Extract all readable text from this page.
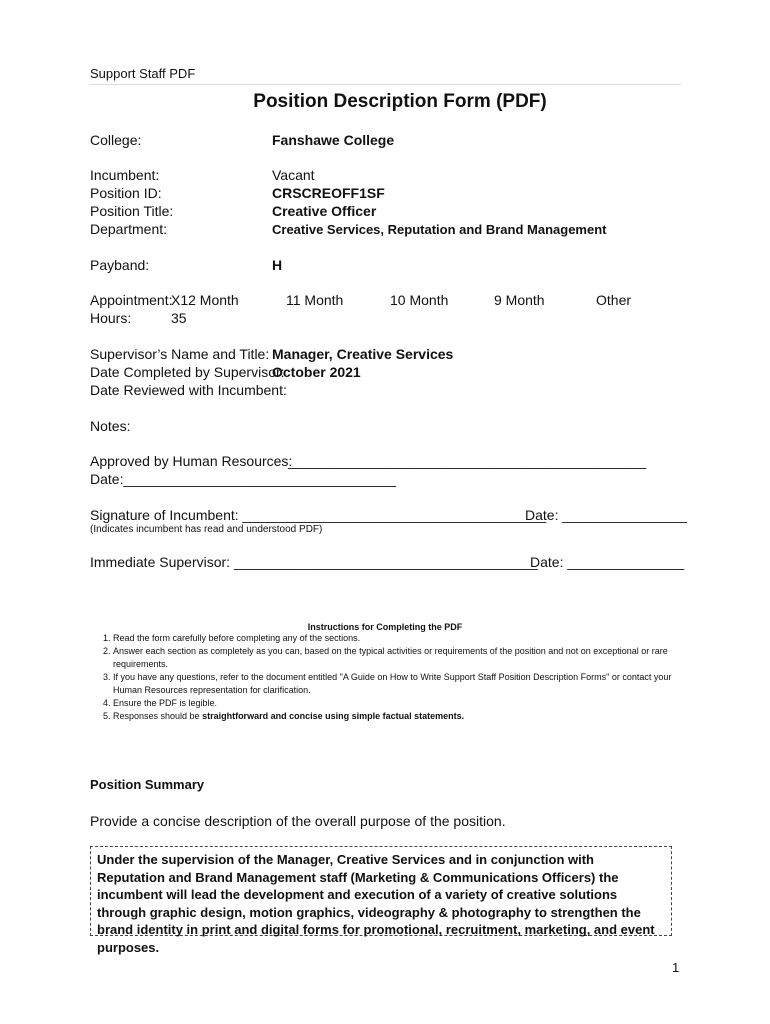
Support Staff PDF
Position Description Form (PDF)
College:	Fanshawe College
Incumbent:	Vacant
Position ID:	CRSCREOFF1SF
Position Title:	Creative Officer
Department:	Creative Services, Reputation and Brand Management
Payband:	H
Appointment:
X12 Month	11 Month	10 Month	9 Month	Other
Hours:	35
Supervisor’s Name and Title: Manager, Creative Services
Date Completed by Supervisor:
October 2021
Date Reviewed with Incumbent:
Notes:
Approved by Human Resources:
______________________________________________
Date:___________________________________
Signature of Incumbent: _______________________________________
Date: ________________
(Indicates incumbent has read and understood PDF)
Immediate Supervisor: _______________________________________
Date: _______________
Instructions for Completing the PDF
1. Read the form carefully before completing any of the sections.
2. Answer each section as completely as you can, based on the typical activities or requirements of the position and not on exceptional or rare requirements.
3. If you have any questions, refer to the document entitled "A Guide on How to Write Support Staff Position Description Forms" or contact your Human Resources representation for clarification.
4. Ensure the PDF is legible.
5. Responses should be straightforward and concise using simple factual statements.
Position Summary
Provide a concise description of the overall purpose of the position.
Under the supervision of the Manager, Creative Services and in conjunction with Reputation and Brand Management staff (Marketing & Communications Officers) the incumbent will lead the development and execution of a variety of creative solutions through graphic design, motion graphics, videography & photography to strengthen the brand identity in print and digital forms for promotional, recruitment, marketing, and event purposes.
1
